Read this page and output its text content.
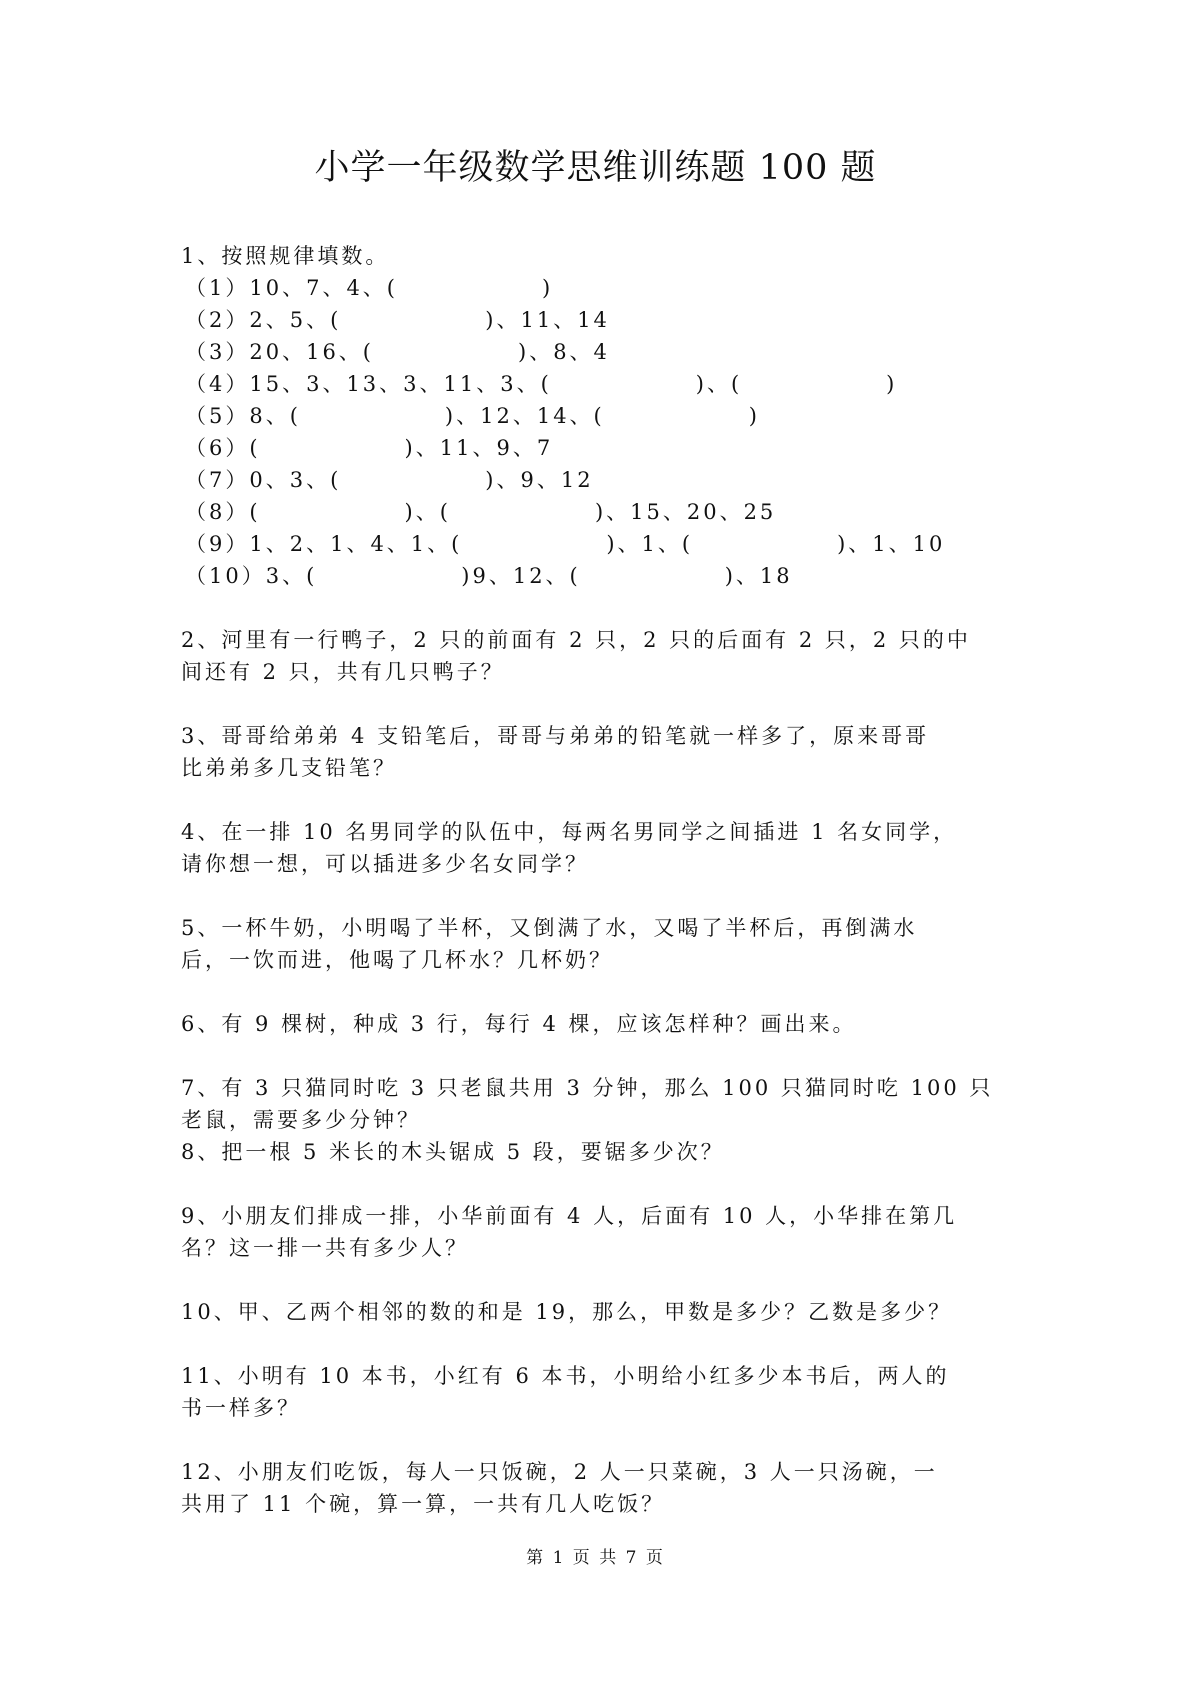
小学一年级数学思维训练题 100 题
1、按照规律填数。
（1）10、7、4、(　　　　　　)
（2）2、5、(　　　　　　)、11、14
（3）20、16、(　　　　　　)、8、4
（4）15、3、13、3、11、3、(　　　　　　)、(　　　　　　)
（5）8、(　　　　　　)、12、14、(　　　　　　)
（6）(　　　　　　)、11、9、7
（7）0、3、(　　　　　　)、9、12
（8）(　　　　　　)、(　　　　　　)、15、20、25
（9）1、2、1、4、1、(　　　　　　)、1、(　　　　　　)、1、10
（10）3、(　　　　　　)9、12、(　　　　　　)、18
2、河里有一行鸭子，2 只的前面有 2 只，2 只的后面有 2 只，2 只的中
间还有 2 只，共有几只鸭子？
3、哥哥给弟弟 4 支铅笔后，哥哥与弟弟的铅笔就一样多了，原来哥哥
比弟弟多几支铅笔？
4、在一排 10 名男同学的队伍中，每两名男同学之间插进 1 名女同学，
请你想一想，可以插进多少名女同学？
5、一杯牛奶，小明喝了半杯，又倒满了水，又喝了半杯后，再倒满水
后，一饮而进，他喝了几杯水？几杯奶？
6、有 9 棵树，种成 3 行，每行 4 棵，应该怎样种？画出来。
7、有 3 只猫同时吃 3 只老鼠共用 3 分钟，那么 100 只猫同时吃 100 只
老鼠，需要多少分钟？
8、把一根 5 米长的木头锯成 5 段，要锯多少次？
9、小朋友们排成一排，小华前面有 4 人，后面有 10 人，小华排在第几
名？这一排一共有多少人？
10、甲、乙两个相邻的数的和是 19，那么，甲数是多少？乙数是多少？
11、小明有 10 本书，小红有 6 本书，小明给小红多少本书后，两人的
书一样多？
12、小朋友们吃饭，每人一只饭碗，2 人一只菜碗，3 人一只汤碗，一
共用了 11 个碗，算一算，一共有几人吃饭？
第 1 页 共 7 页
